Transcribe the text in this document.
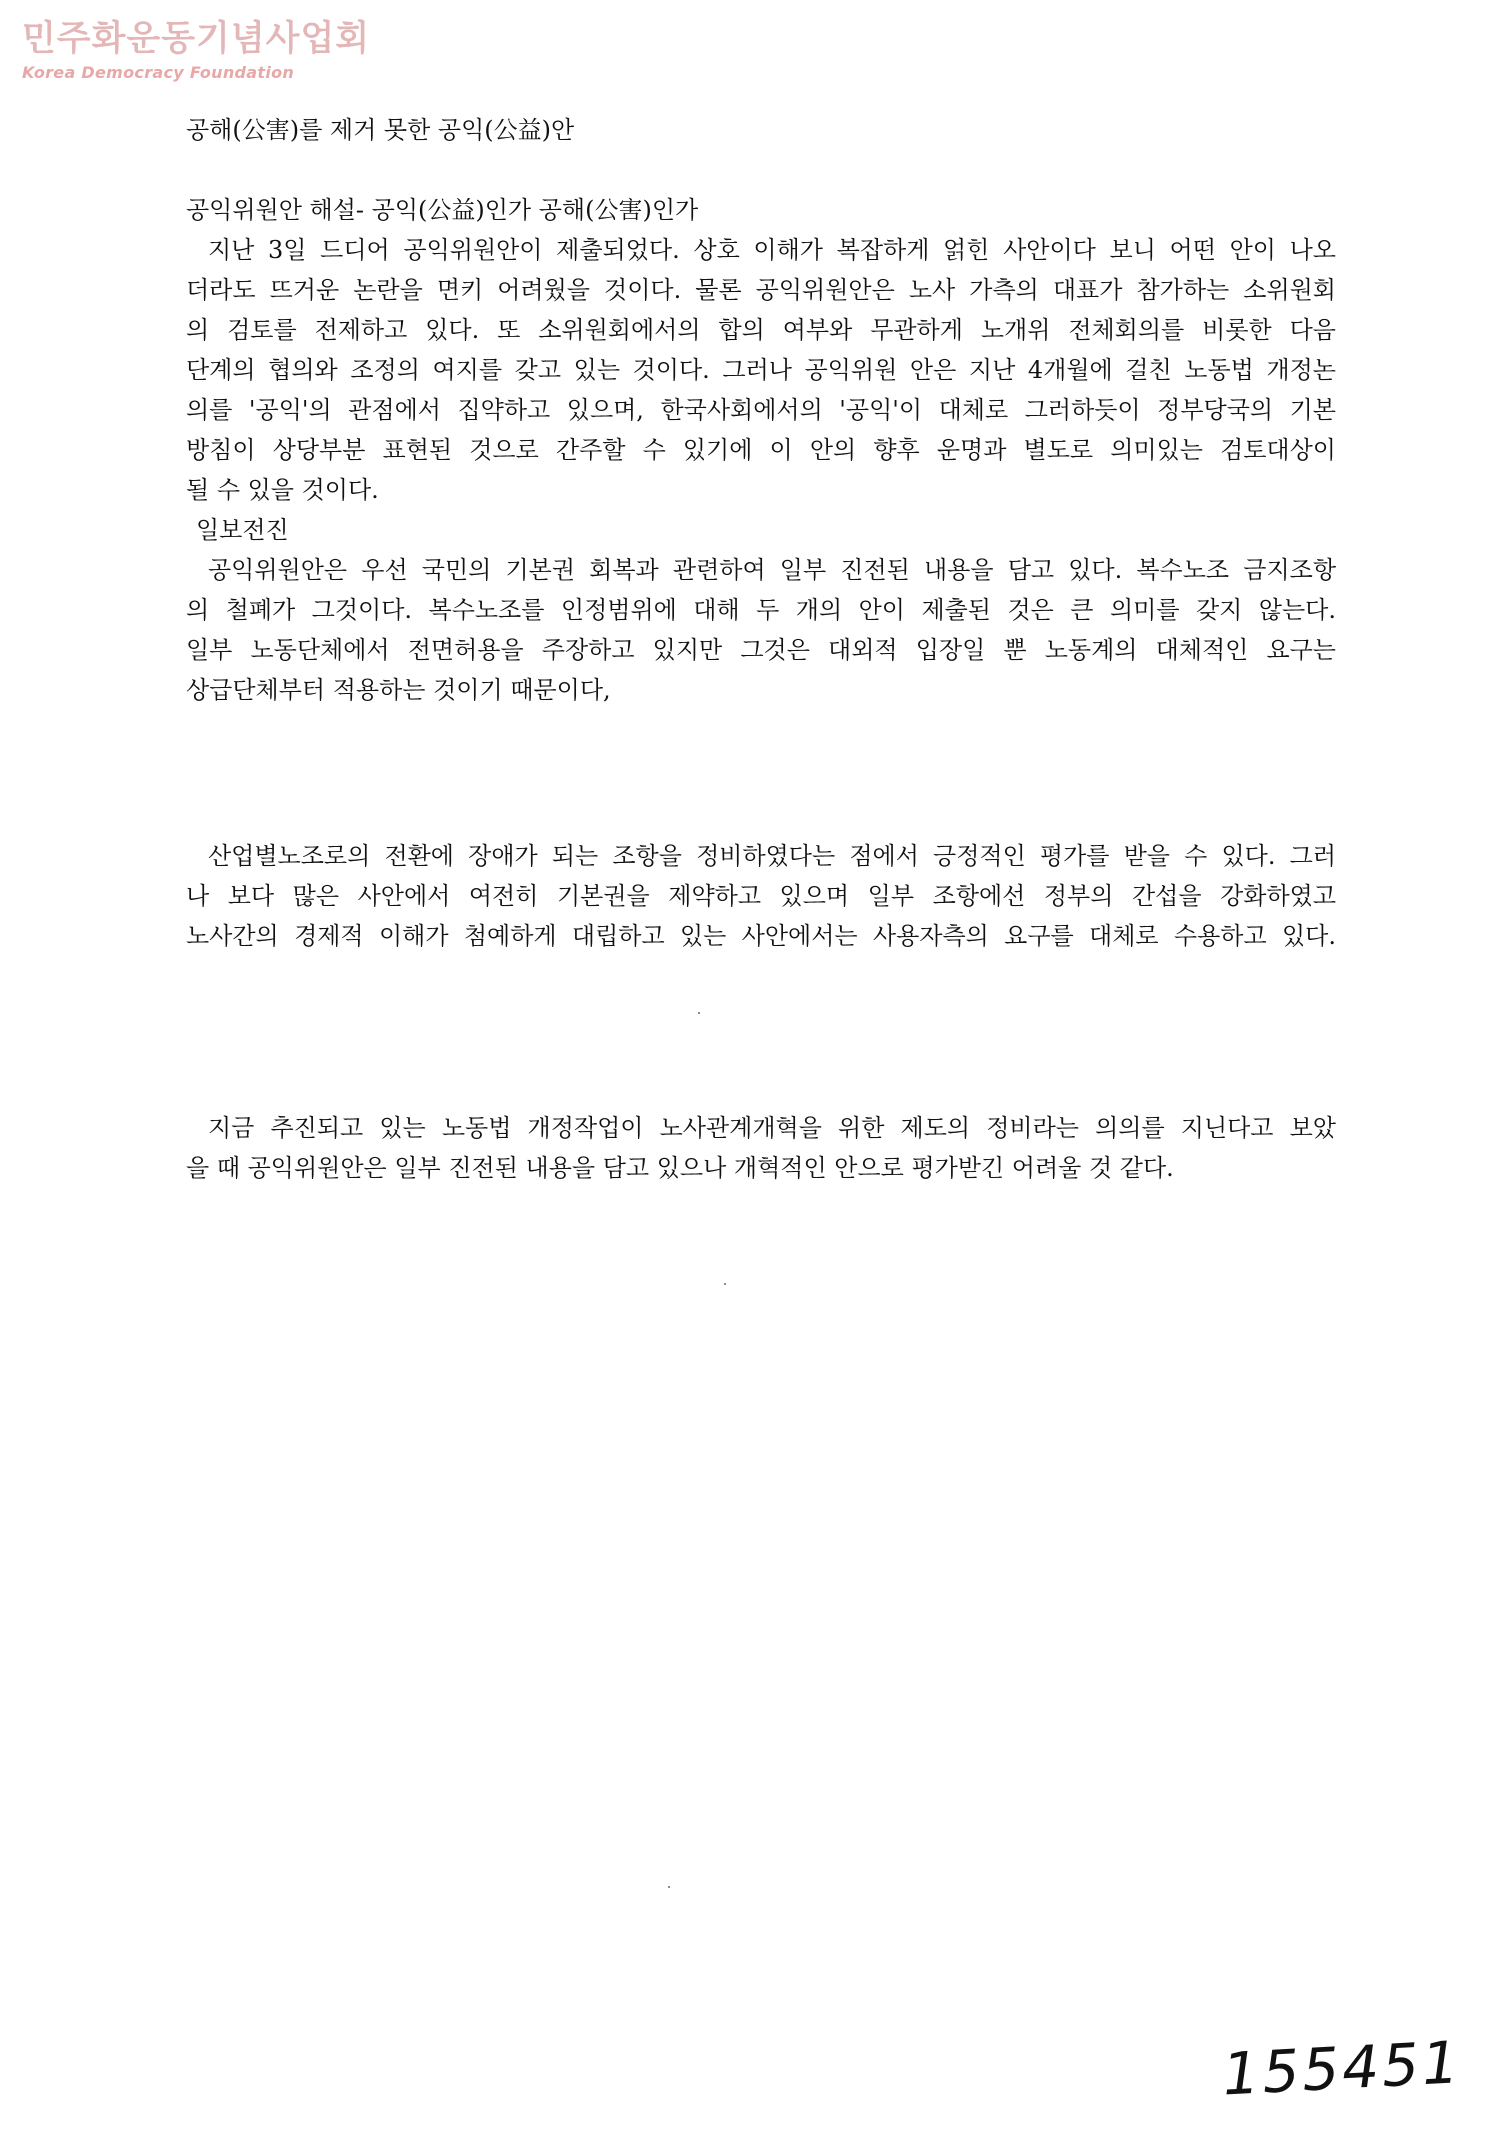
민주화운동기념사업회
Korea Democracy Foundation
공해(公害)를 제거 못한 공익(公益)안
공익위원안 해설- 공익(公益)인가 공해(公害)인가
지난 3일 드디어 공익위원안이 제출되었다. 상호 이해가 복잡하게 얽힌 사안이다 보니 어떤 안이 나오
더라도 뜨거운 논란을 면키 어려웠을 것이다. 물론 공익위원안은 노사 가측의 대표가 참가하는 소위원회
의 검토를 전제하고 있다. 또 소위원회에서의 합의 여부와 무관하게 노개위 전체회의를 비롯한 다음
단계의 협의와 조정의 여지를 갖고 있는 것이다. 그러나 공익위원 안은 지난 4개월에 걸친 노동법 개정논
의를 '공익'의 관점에서 집약하고 있으며, 한국사회에서의 '공익'이 대체로 그러하듯이 정부당국의 기본
방침이 상당부분 표현된 것으로 간주할 수 있기에 이 안의 향후 운명과 별도로 의미있는 검토대상이
될 수 있을 것이다.
일보전진
공익위원안은 우선 국민의 기본권 회복과 관련하여 일부 진전된 내용을 담고 있다. 복수노조 금지조항
의 철폐가 그것이다. 복수노조를 인정범위에 대해 두 개의 안이 제출된 것은 큰 의미를 갖지 않는다.
일부 노동단체에서 전면허용을 주장하고 있지만 그것은 대외적 입장일 뿐 노동계의 대체적인 요구는
상급단체부터 적용하는 것이기 때문이다,
산업별노조로의 전환에 장애가 되는 조항을 정비하였다는 점에서 긍정적인 평가를 받을 수 있다. 그러
나 보다 많은 사안에서 여전히 기본권을 제약하고 있으며 일부 조항에선 정부의 간섭을 강화하였고
노사간의 경제적 이해가 첨예하게 대립하고 있는 사안에서는 사용자측의 요구를 대체로 수용하고 있다.
지금 추진되고 있는 노동법 개정작업이 노사관계개혁을 위한 제도의 정비라는 의의를 지닌다고 보았
을 때 공익위원안은 일부 진전된 내용을 담고 있으나 개혁적인 안으로 평가받긴 어려울 것 같다.
155451
